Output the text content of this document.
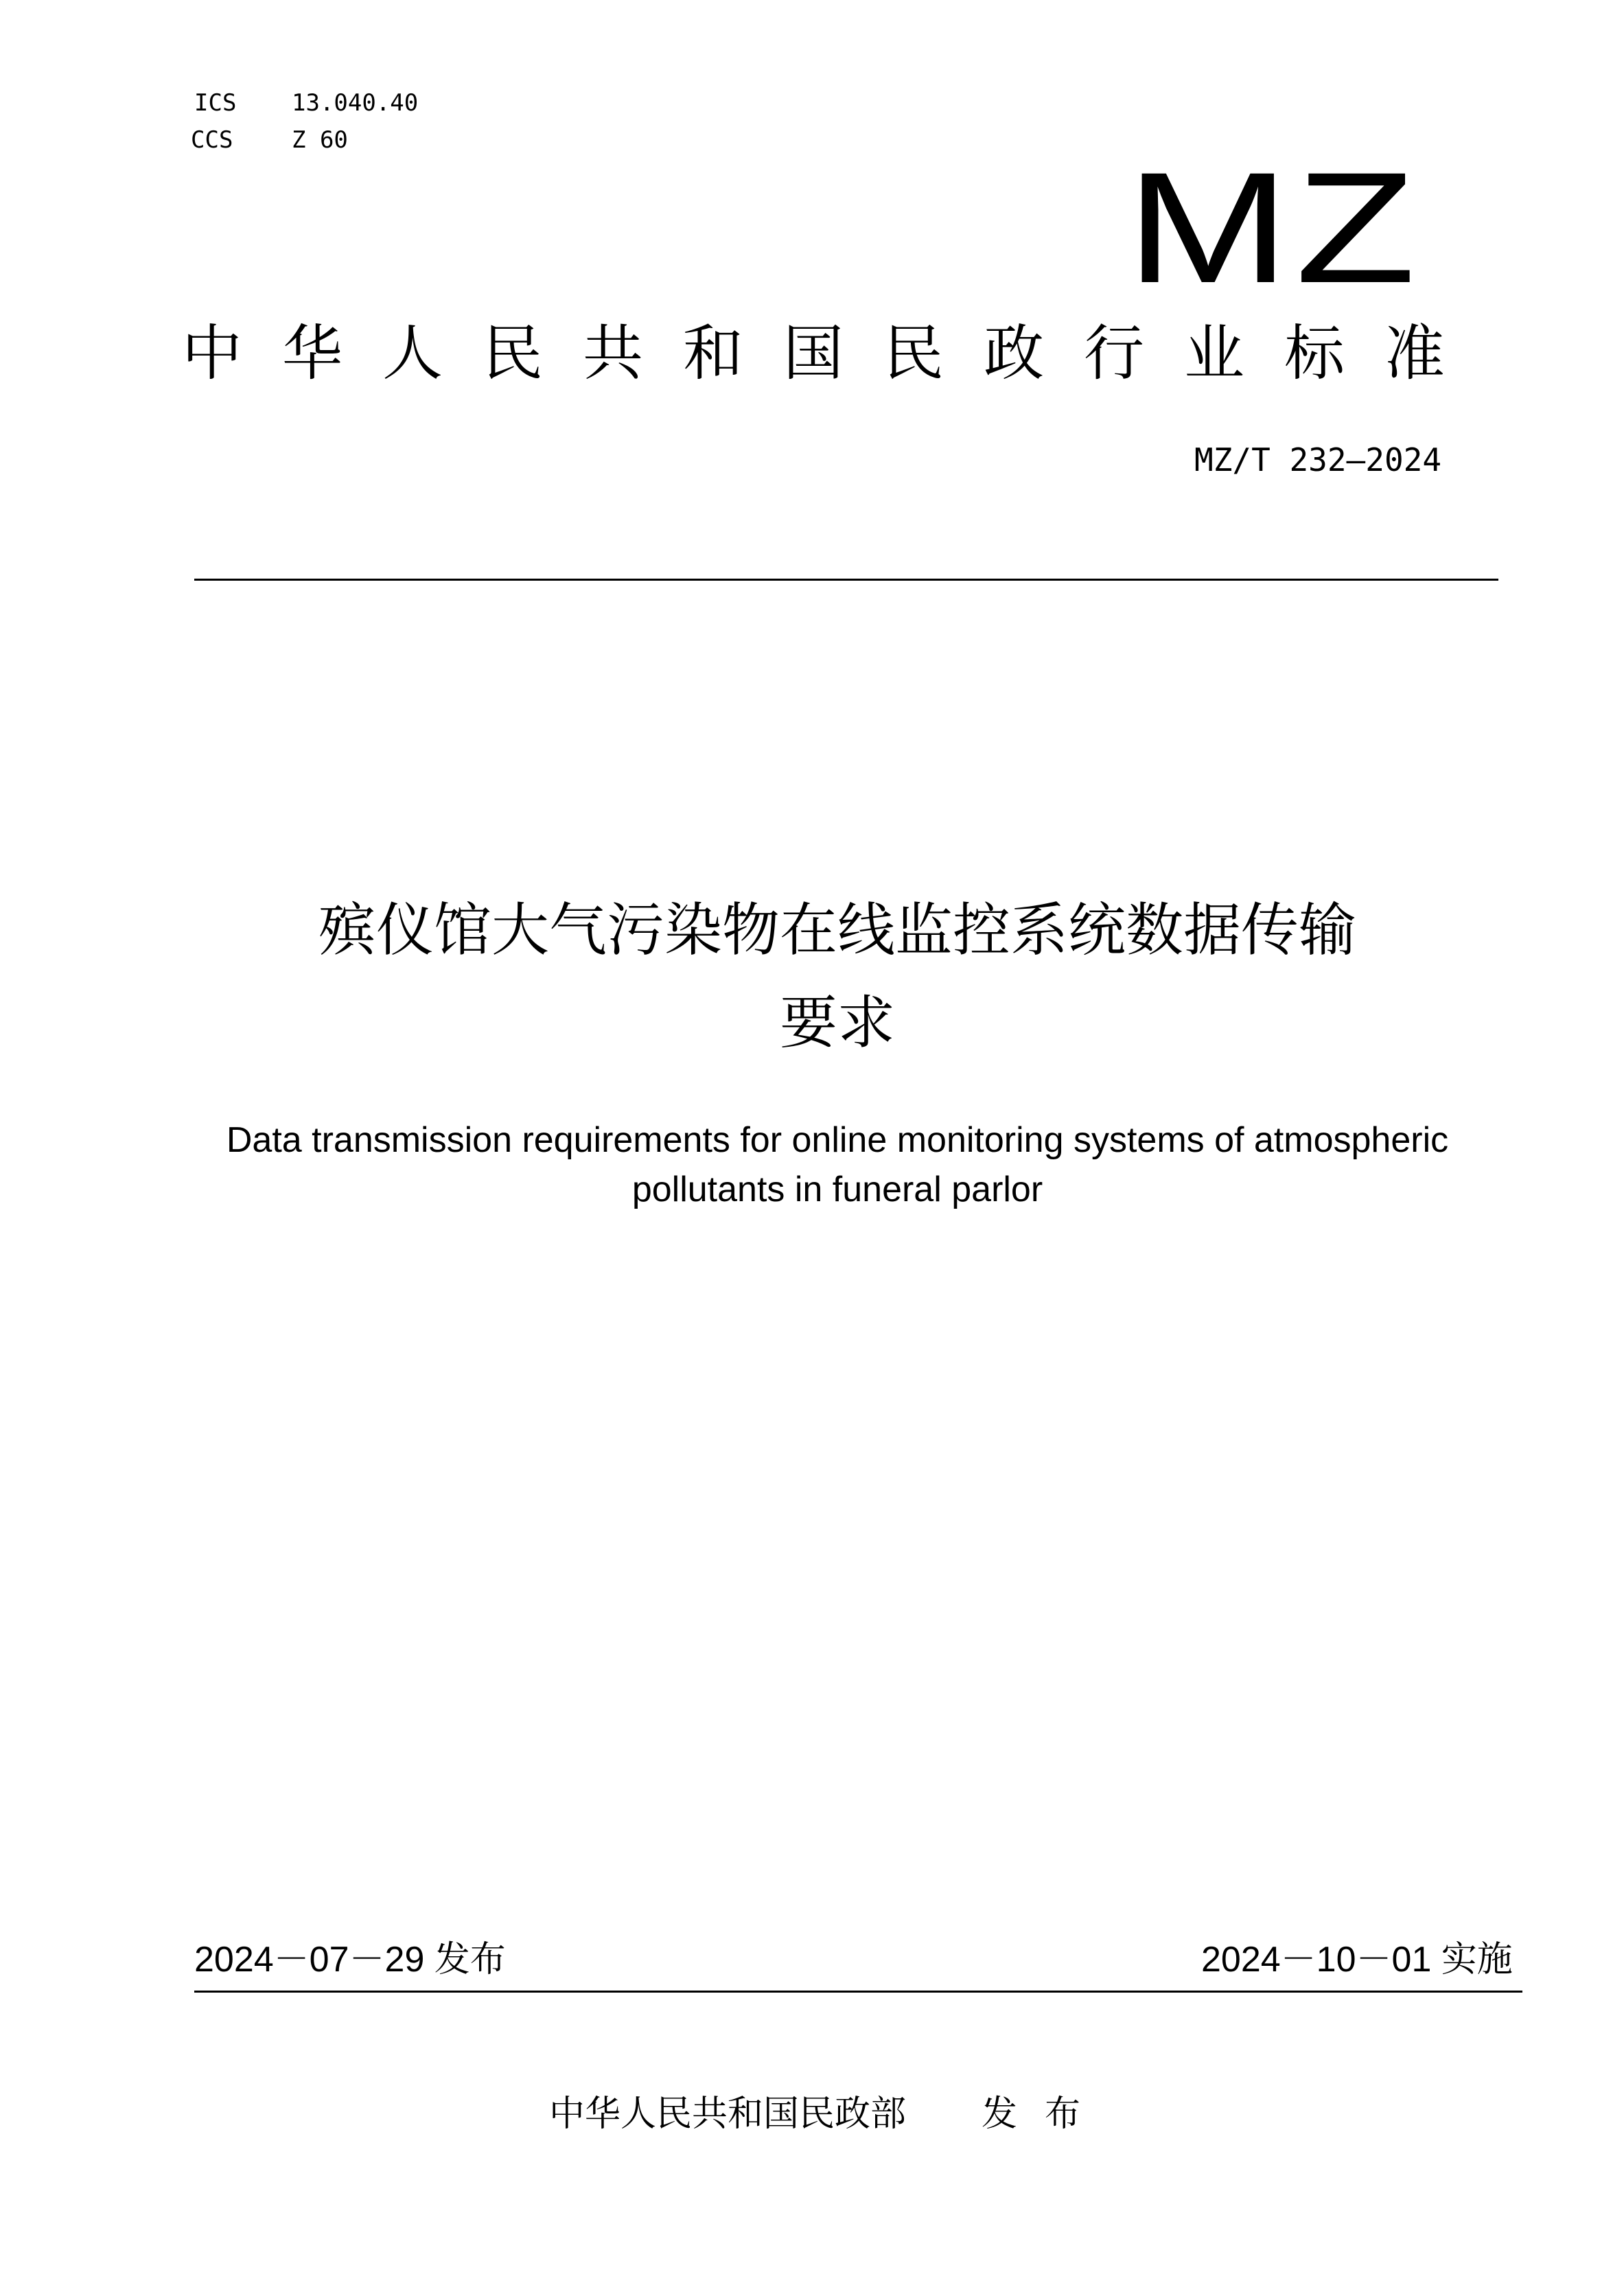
ICS 13.040.40
CCS	Z 60	MZ
中华人民共和国民政行业标准
MZ/T 232—2024
殡仪馆大气污染物在线监控系统数据传输
要求
Data transmission requirements for online monitoring systems of atmospheric
pollutants in funeral parlor
2024－07－29 发布	2024－10－01 实施
中华人民共和国民政部 发布
